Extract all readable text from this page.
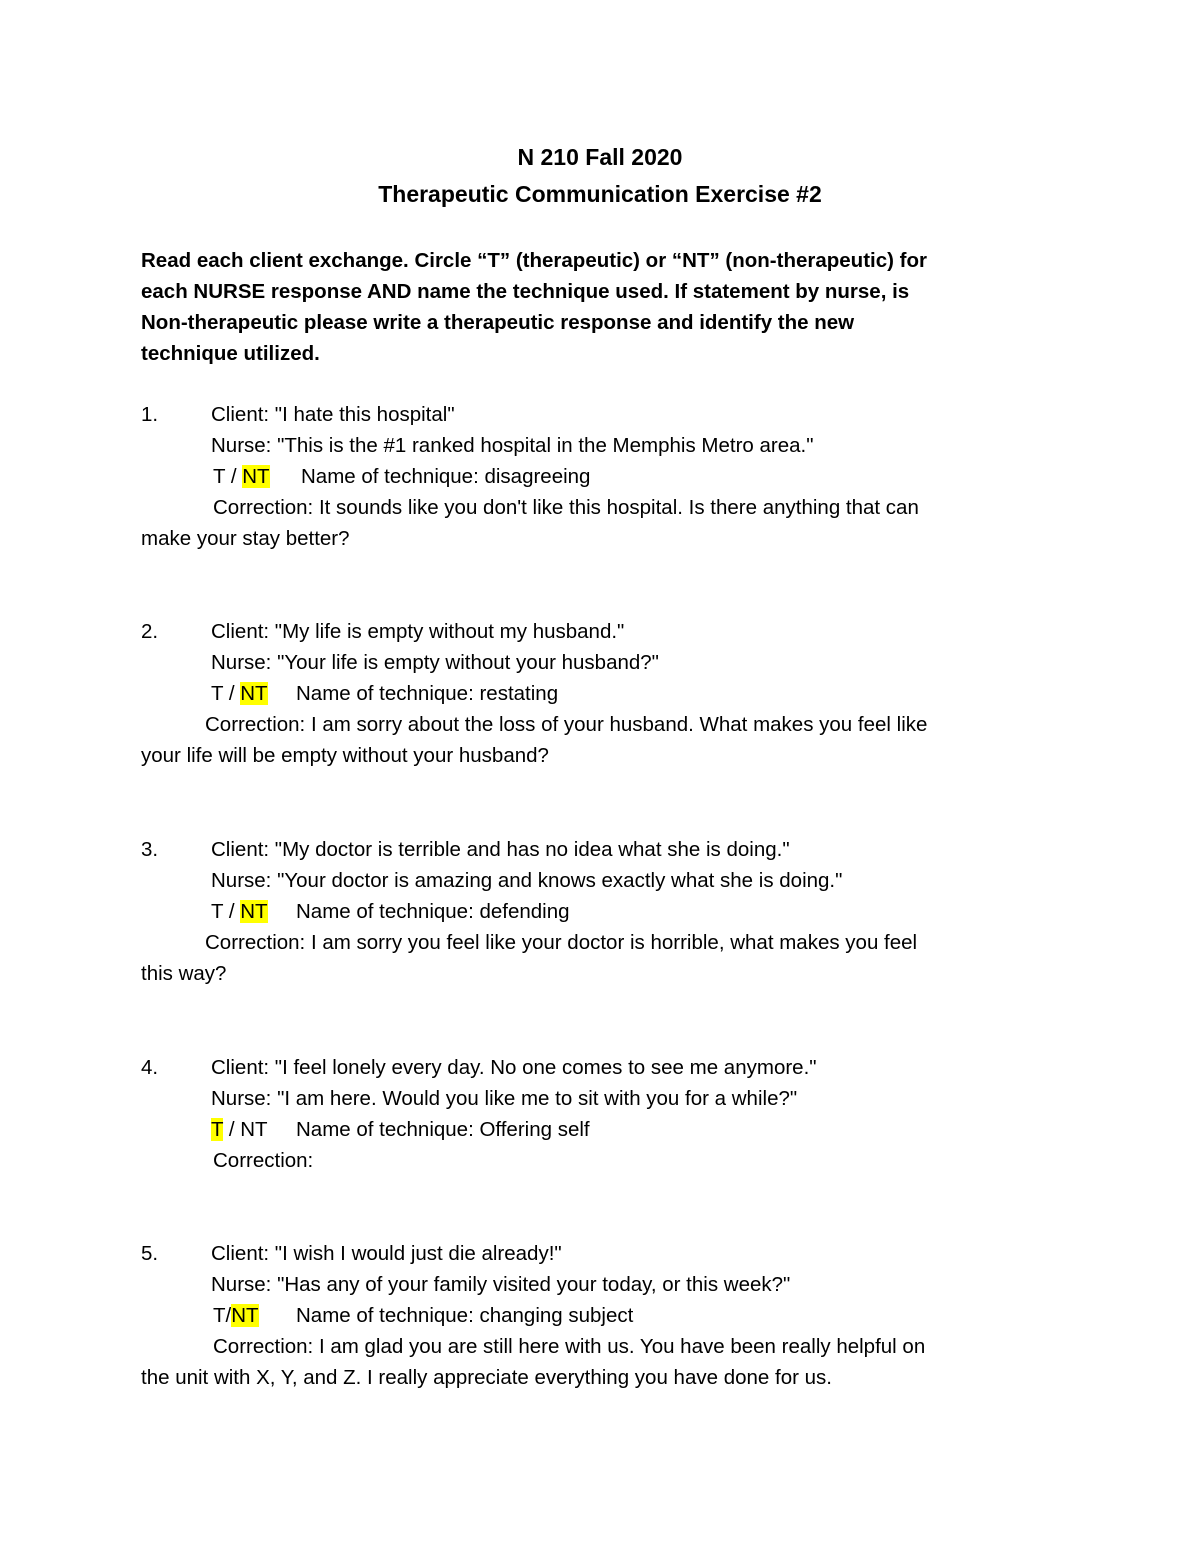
N 210 Fall 2020
Therapeutic Communication Exercise #2
Read each client exchange. Circle “T” (therapeutic) or “NT” (non-therapeutic) for
each NURSE response AND name the technique used. If statement by nurse, is
Non-therapeutic please write a therapeutic response and identify the new
technique utilized.
1.	Client: "I hate this hospital"
Nurse: "This is the #1 ranked hospital in the Memphis Metro area."
T / NT Name of technique: disagreeing
Correction: It sounds like you don't like this hospital. Is there anything that can
make your stay better?
2.	Client: "My life is empty without my husband."
Nurse: "Your life is empty without your husband?"
T / NT Name of technique: restating
Correction: I am sorry about the loss of your husband. What makes you feel like
your life will be empty without your husband?
3.	Client: "My doctor is terrible and has no idea what she is doing."
Nurse: "Your doctor is amazing and knows exactly what she is doing."
T / NT Name of technique: defending
Correction: I am sorry you feel like your doctor is horrible, what makes you feel
this way?
4.	Client: "I feel lonely every day. No one comes to see me anymore."
Nurse: "I am here. Would you like me to sit with you for a while?"
T / NT Name of technique: Offering self
Correction:
5.	Client: "I wish I would just die already!"
Nurse: "Has any of your family visited your today, or this week?"
T/NT Name of technique: changing subject
Correction: I am glad you are still here with us. You have been really helpful on
the unit with X, Y, and Z. I really appreciate everything you have done for us.
